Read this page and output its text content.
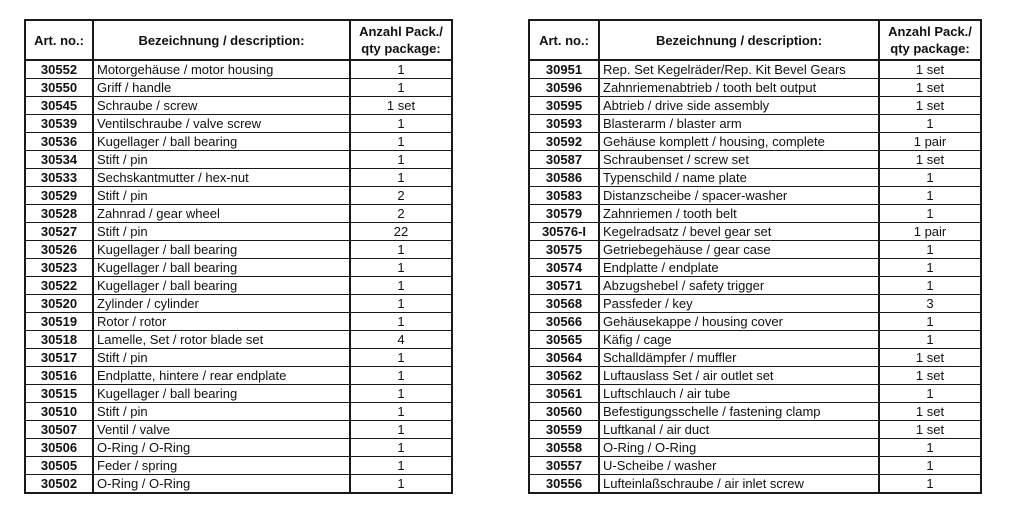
Art. no.:	Bezeichnung / description:	Anzahl Pack./
qty package:
30552	Motorgehäuse / motor housing	1
30550	Griff / handle	1
30545	Schraube / screw	1 set
30539	Ventilschraube / valve screw	1
30536	Kugellager / ball bearing	1
30534	Stift / pin	1
30533	Sechskantmutter / hex-nut	1
30529	Stift / pin	2
30528	Zahnrad / gear wheel	2
30527	Stift / pin	22
30526	Kugellager / ball bearing	1
30523	Kugellager / ball bearing	1
30522	Kugellager / ball bearing	1
30520	Zylinder / cylinder	1
30519	Rotor / rotor	1
30518	Lamelle, Set / rotor blade set	4
30517	Stift / pin	1
30516	Endplatte, hintere / rear endplate	1
30515	Kugellager / ball bearing	1
30510	Stift / pin	1
30507	Ventil / valve	1
30506	O-Ring / O-Ring	1
30505	Feder / spring	1
30502	O-Ring / O-Ring	1
Art. no.:	Bezeichnung / description:	Anzahl Pack./
qty package:
30951	Rep. Set Kegelräder/Rep. Kit Bevel Gears	1 set
30596	Zahnriemenabtrieb / tooth belt output	1 set
30595	Abtrieb / drive side assembly	1 set
30593	Blasterarm / blaster arm	1
30592	Gehäuse komplett / housing, complete	1 pair
30587	Schraubenset / screw set	1 set
30586	Typenschild / name plate	1
30583	Distanzscheibe / spacer-washer	1
30579	Zahnriemen / tooth belt	1
30576-I	Kegelradsatz / bevel gear set	1 pair
30575	Getriebegehäuse / gear case	1
30574	Endplatte / endplate	1
30571	Abzugshebel / safety trigger	1
30568	Passfeder / key	3
30566	Gehäusekappe / housing cover	1
30565	Käfig / cage	1
30564	Schalldämpfer / muffler	1 set
30562	Luftauslass Set / air outlet set	1 set
30561	Luftschlauch / air tube	1
30560	Befestigungsschelle / fastening clamp	1 set
30559	Luftkanal / air duct	1 set
30558	O-Ring / O-Ring	1
30557	U-Scheibe / washer	1
30556	Lufteinlaßschraube / air inlet screw	1
